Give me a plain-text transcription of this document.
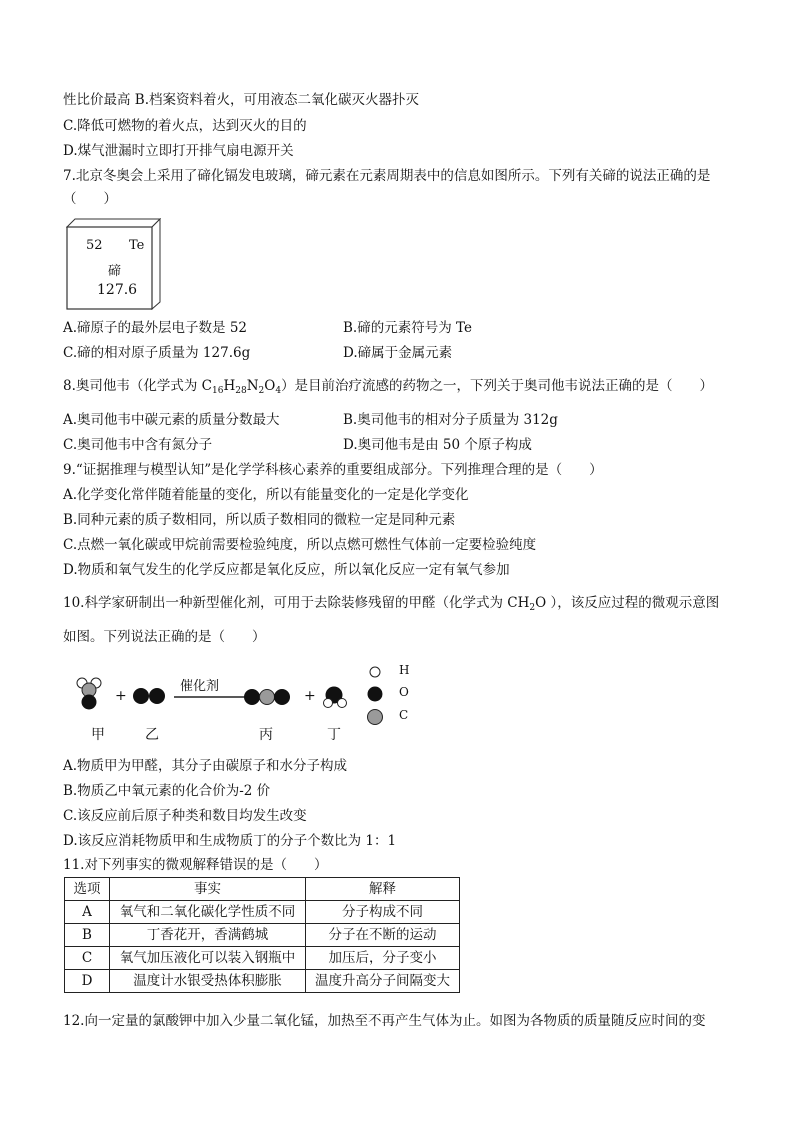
性比价最高 B.档案资料着火，可用液态二氧化碳灭火器扑灭
C.降低可燃物的着火点，达到灭火的目的
D.煤气泄漏时立即打开排气扇电源开关
7.北京冬奥会上采用了碲化镉发电玻璃，碲元素在元素周期表中的信息如图所示。下列有关碲的说法正确的是
（　　）
52 Te
碲
127.6
A.碲原子的最外层电子数是 52	B.碲的元素符号为 Te
C.碲的相对原子质量为 127.6g	D.碲属于金属元素
8.奥司他韦（化学式为 $C_{16}H_{28}N_2O_4$）是目前治疗流感的药物之一，下列关于奥司他韦说法正确的是（　　）
A.奥司他韦中碳元素的质量分数最大	B.奥司他韦的相对分子质量为 312g
C.奥司他韦中含有氮分子	D.奥司他韦是由 50 个原子构成
9.“证据推理与模型认知”是化学学科核心素养的重要组成部分。下列推理合理的是（　　）
A.化学变化常伴随着能量的变化，所以有能量变化的一定是化学变化
B.同种元素的质子数相同，所以质子数相同的微粒一定是同种元素
C.点燃一氧化碳或甲烷前需要检验纯度，所以点燃可燃性气体前一定要检验纯度
D.物质和氧气发生的化学反应都是氧化反应，所以氧化反应一定有氧气参加
10.科学家研制出一种新型催化剂，可用于去除装修残留的甲醛（化学式为 $CH_2O$ ），该反应过程的微观示意图
如图。下列说法正确的是（　　）
+	+
催化剂
甲	乙	丙	丁
H
O
C
A.物质甲为甲醛，其分子由碳原子和水分子构成
B.物质乙中氧元素的化合价为-2 价
C.该反应前后原子种类和数目均发生改变
D.该反应消耗物质甲和生成物质丁的分子个数比为 1：1
11.对下列事实的微观解释错误的是（　　）
选项	事实	解释
A	氧气和二氧化碳化学性质不同	分子构成不同
B	丁香花开，香满鹤城	分子在不断的运动
C	氧气加压液化可以装入钢瓶中	加压后，分子变小
D	温度计水银受热体积膨胀	温度升高分子间隔变大
12.向一定量的氯酸钾中加入少量二氧化锰，加热至不再产生气体为止。如图为各物质的质量随反应时间的变
